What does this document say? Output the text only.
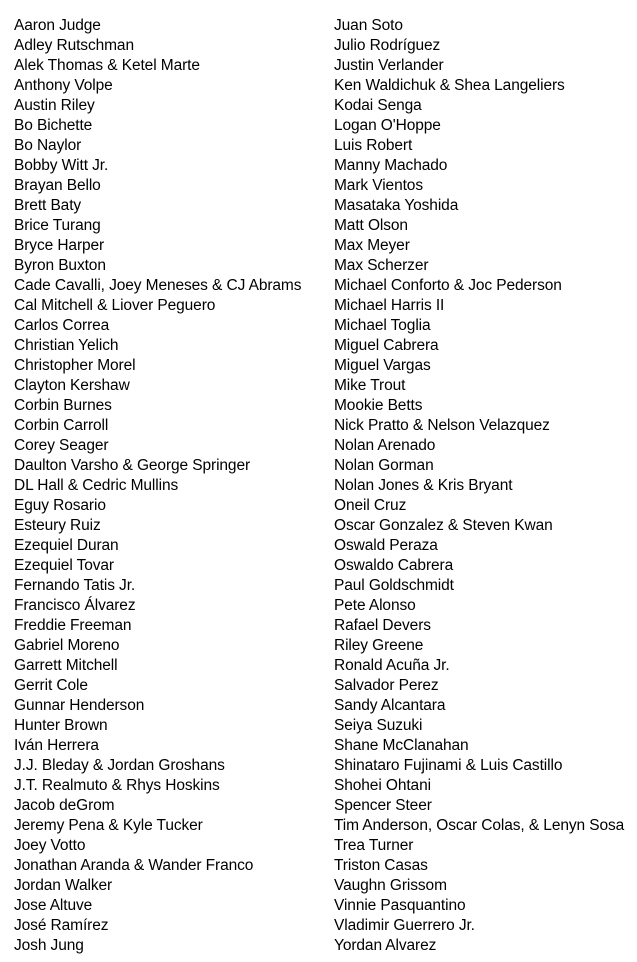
Aaron Judge
Adley Rutschman
Alek Thomas & Ketel Marte
Anthony Volpe
Austin Riley
Bo Bichette
Bo Naylor
Bobby Witt Jr.
Brayan Bello
Brett Baty
Brice Turang
Bryce Harper
Byron Buxton
Cade Cavalli, Joey Meneses & CJ Abrams
Cal Mitchell & Liover Peguero
Carlos Correa
Christian Yelich
Christopher Morel
Clayton Kershaw
Corbin Burnes
Corbin Carroll
Corey Seager
Daulton Varsho & George Springer
DL Hall & Cedric Mullins
Eguy Rosario
Esteury Ruiz
Ezequiel Duran
Ezequiel Tovar
Fernando Tatis Jr.
Francisco Álvarez
Freddie Freeman
Gabriel Moreno
Garrett Mitchell
Gerrit Cole
Gunnar Henderson
Hunter Brown
Iván Herrera
J.J. Bleday & Jordan Groshans
J.T. Realmuto & Rhys Hoskins
Jacob deGrom
Jeremy Pena & Kyle Tucker
Joey Votto
Jonathan Aranda & Wander Franco
Jordan Walker
Jose Altuve
José Ramírez
Josh Jung
Juan Soto
Julio Rodríguez
Justin Verlander
Ken Waldichuk & Shea Langeliers
Kodai Senga
Logan O'Hoppe
Luis Robert
Manny Machado
Mark Vientos
Masataka Yoshida
Matt Olson
Max Meyer
Max Scherzer
Michael Conforto & Joc Pederson
Michael Harris II
Michael Toglia
Miguel Cabrera
Miguel Vargas
Mike Trout
Mookie Betts
Nick Pratto & Nelson Velazquez
Nolan Arenado
Nolan Gorman
Nolan Jones & Kris Bryant
Oneil Cruz
Oscar Gonzalez & Steven Kwan
Oswald Peraza
Oswaldo Cabrera
Paul Goldschmidt
Pete Alonso
Rafael Devers
Riley Greene
Ronald Acuña Jr.
Salvador Perez
Sandy Alcantara
Seiya Suzuki
Shane McClanahan
Shinataro Fujinami & Luis Castillo
Shohei Ohtani
Spencer Steer
Tim Anderson, Oscar Colas, & Lenyn Sosa
Trea Turner
Triston Casas
Vaughn Grissom
Vinnie Pasquantino
Vladimir Guerrero Jr.
Yordan Alvarez
